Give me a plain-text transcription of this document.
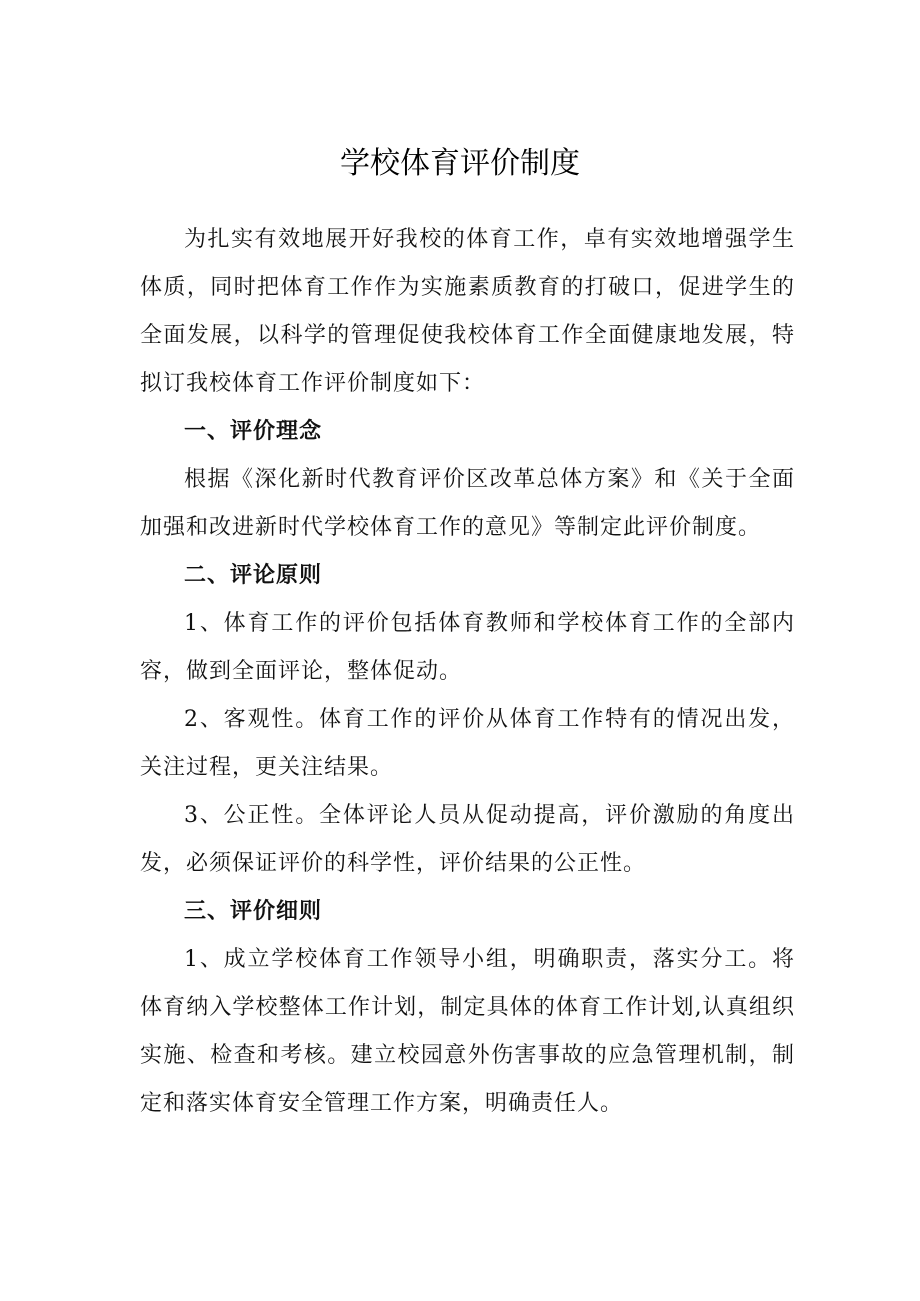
学校体育评价制度

为扎实有效地展开好我校的体育工作，卓有实效地增强学生体质，同时把体育工作作为实施素质教育的打破口，促进学生的全面发展，以科学的管理促使我校体育工作全面健康地发展，特拟订我校体育工作评价制度如下：

一、评价理念

根据《深化新时代教育评价区改革总体方案》和《关于全面加强和改进新时代学校体育工作的意见》等制定此评价制度。

二、评论原则

1、体育工作的评价包括体育教师和学校体育工作的全部内容，做到全面评论，整体促动。

2、客观性。体育工作的评价从体育工作特有的情况出发，关注过程，更关注结果。

3、公正性。全体评论人员从促动提高，评价激励的角度出发，必须保证评价的科学性，评价结果的公正性。

三、评价细则

1、成立学校体育工作领导小组，明确职责，落实分工。将体育纳入学校整体工作计划，制定具体的体育工作计划,认真组织实施、检查和考核。建立校园意外伤害事故的应急管理机制，制定和落实体育安全管理工作方案，明确责任人。
